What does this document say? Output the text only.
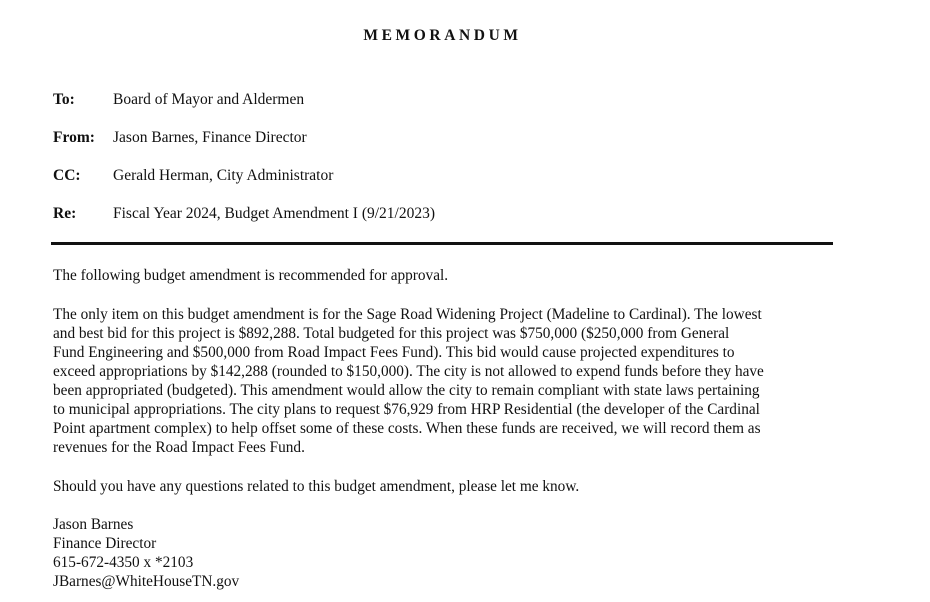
MEMORANDUM
To: Board of Mayor and Aldermen
From: Jason Barnes, Finance Director
CC: Gerald Herman, City Administrator
Re: Fiscal Year 2024, Budget Amendment I (9/21/2023)

The following budget amendment is recommended for approval.

The only item on this budget amendment is for the Sage Road Widening Project (Madeline to Cardinal). The lowest
and best bid for this project is $892,288. Total budgeted for this project was $750,000 ($250,000 from General
Fund Engineering and $500,000 from Road Impact Fees Fund). This bid would cause projected expenditures to
exceed appropriations by $142,288 (rounded to $150,000). The city is not allowed to expend funds before they have
been appropriated (budgeted). This amendment would allow the city to remain compliant with state laws pertaining
to municipal appropriations. The city plans to request $76,929 from HRP Residential (the developer of the Cardinal
Point apartment complex) to help offset some of these costs. When these funds are received, we will record them as
revenues for the Road Impact Fees Fund.

Should you have any questions related to this budget amendment, please let me know.

Jason Barnes
Finance Director
615-672-4350 x *2103
JBarnes@WhiteHouseTN.gov
